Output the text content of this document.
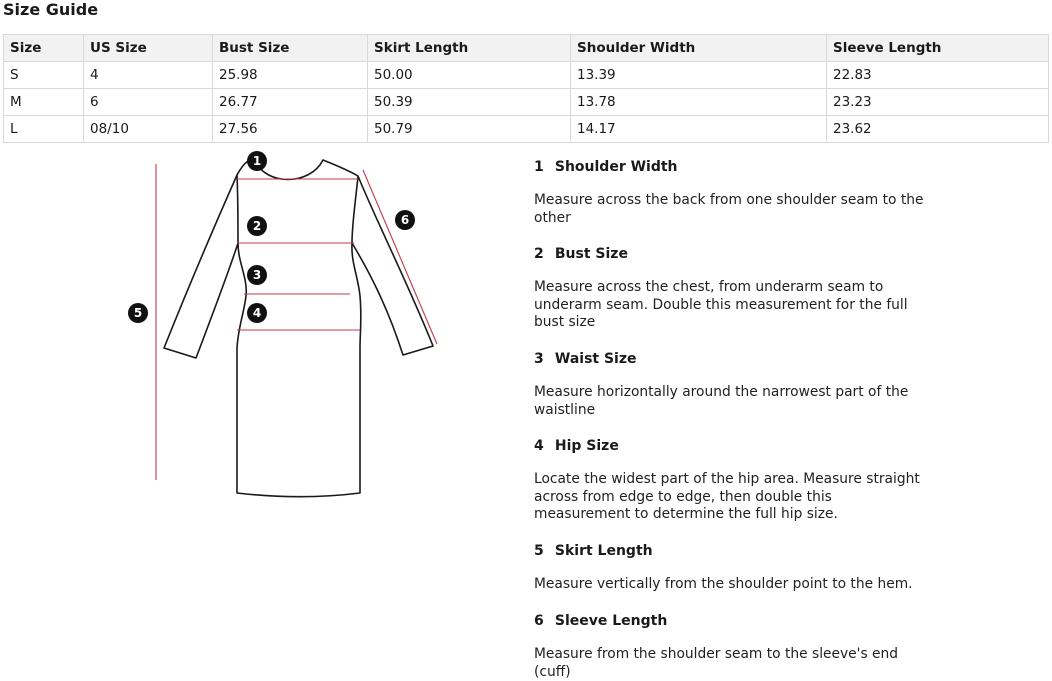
Size Guide
Size	US Size	Bust Size	Skirt Length	Shoulder Width	Sleeve Length
S	4	25.98	50.00	13.39	22.83
M	6	26.77	50.39	13.78	23.23
L	08/10	27.56	50.79	14.17	23.62
1
2
3
4
5
6

1 Shoulder Width

Measure across the back from one shoulder seam to the other

2 Bust Size

Measure across the chest, from underarm seam to underarm seam. Double this measurement for the full bust size

3 Waist Size

Measure horizontally around the narrowest part of the waistline

4 Hip Size

Locate the widest part of the hip area. Measure straight across from edge to edge, then double this measurement to determine the full hip size.

5 Skirt Length

Measure vertically from the shoulder point to the hem.

6 Sleeve Length

Measure from the shoulder seam to the sleeve's end (cuff)
